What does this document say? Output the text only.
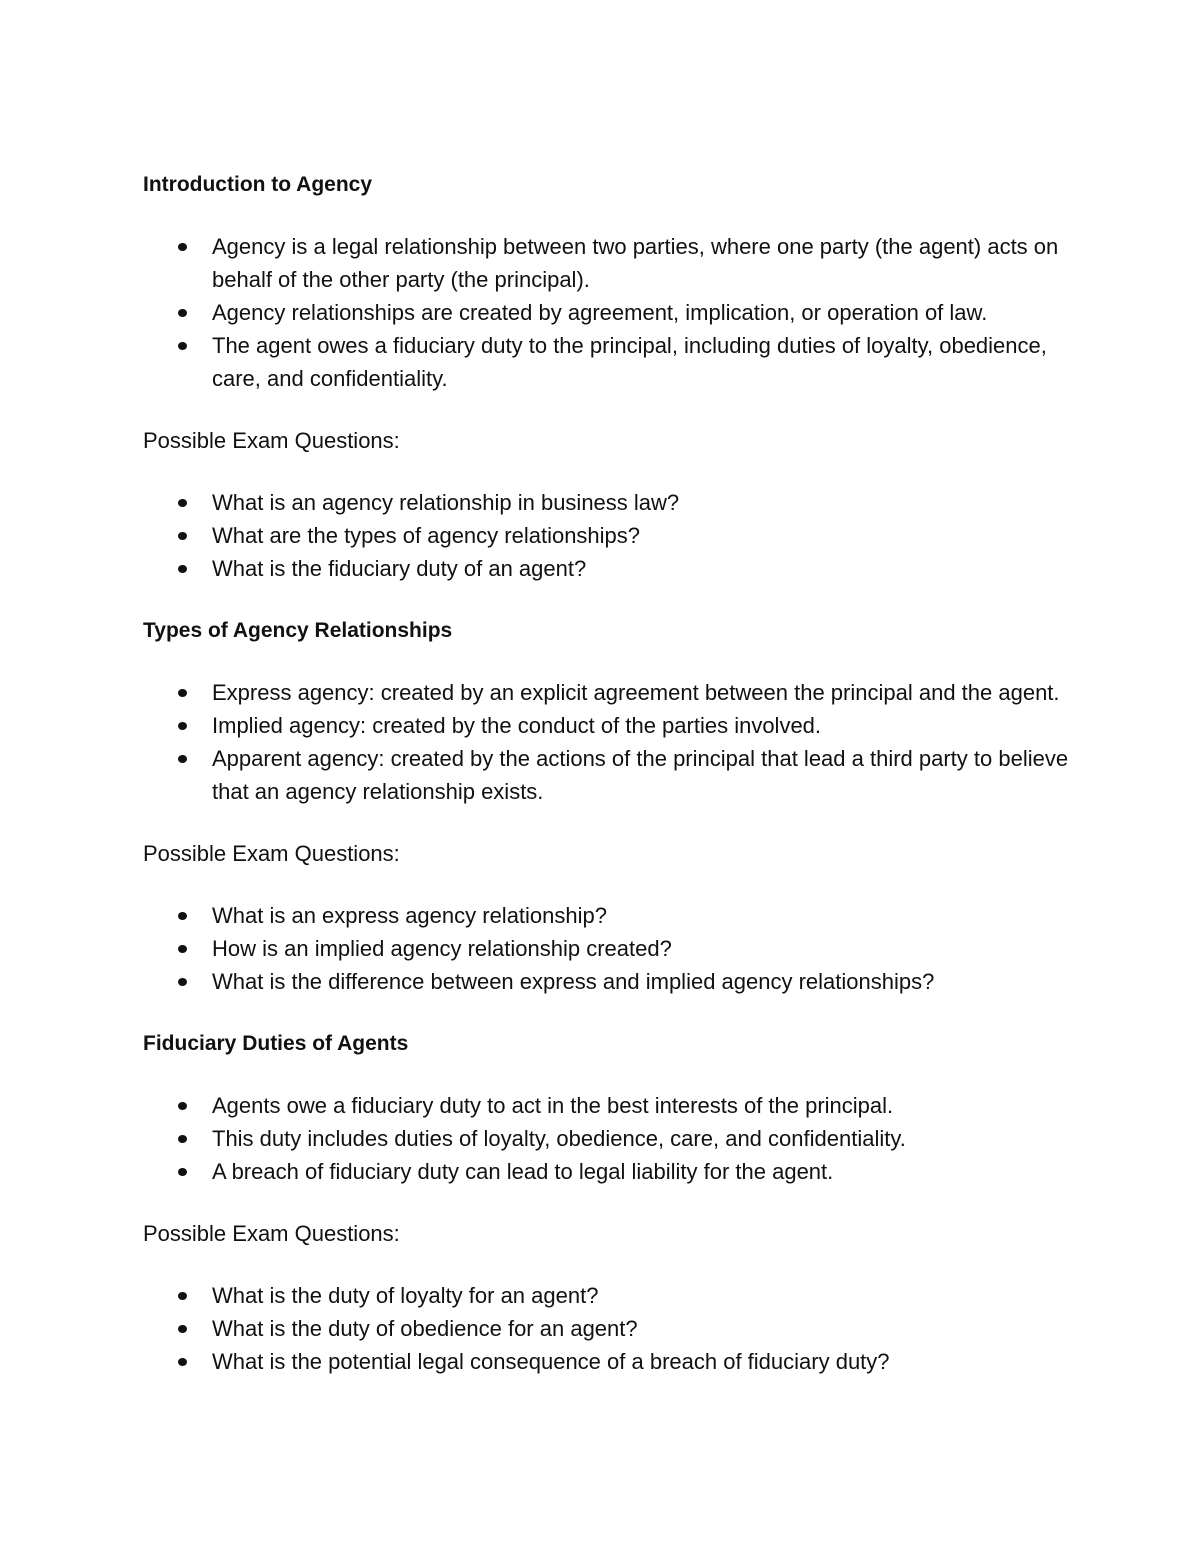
Introduction to Agency

Agency is a legal relationship between two parties, where one party (the agent) acts on behalf of the other party (the principal).
Agency relationships are created by agreement, implication, or operation of law.
The agent owes a fiduciary duty to the principal, including duties of loyalty, obedience, care, and confidentiality.

Possible Exam Questions:

What is an agency relationship in business law?
What are the types of agency relationships?
What is the fiduciary duty of an agent?

Types of Agency Relationships

Express agency: created by an explicit agreement between the principal and the agent.
Implied agency: created by the conduct of the parties involved.
Apparent agency: created by the actions of the principal that lead a third party to believe that an agency relationship exists.

Possible Exam Questions:

What is an express agency relationship?
How is an implied agency relationship created?
What is the difference between express and implied agency relationships?

Fiduciary Duties of Agents

Agents owe a fiduciary duty to act in the best interests of the principal.
This duty includes duties of loyalty, obedience, care, and confidentiality.
A breach of fiduciary duty can lead to legal liability for the agent.

Possible Exam Questions:

What is the duty of loyalty for an agent?
What is the duty of obedience for an agent?
What is the potential legal consequence of a breach of fiduciary duty?
